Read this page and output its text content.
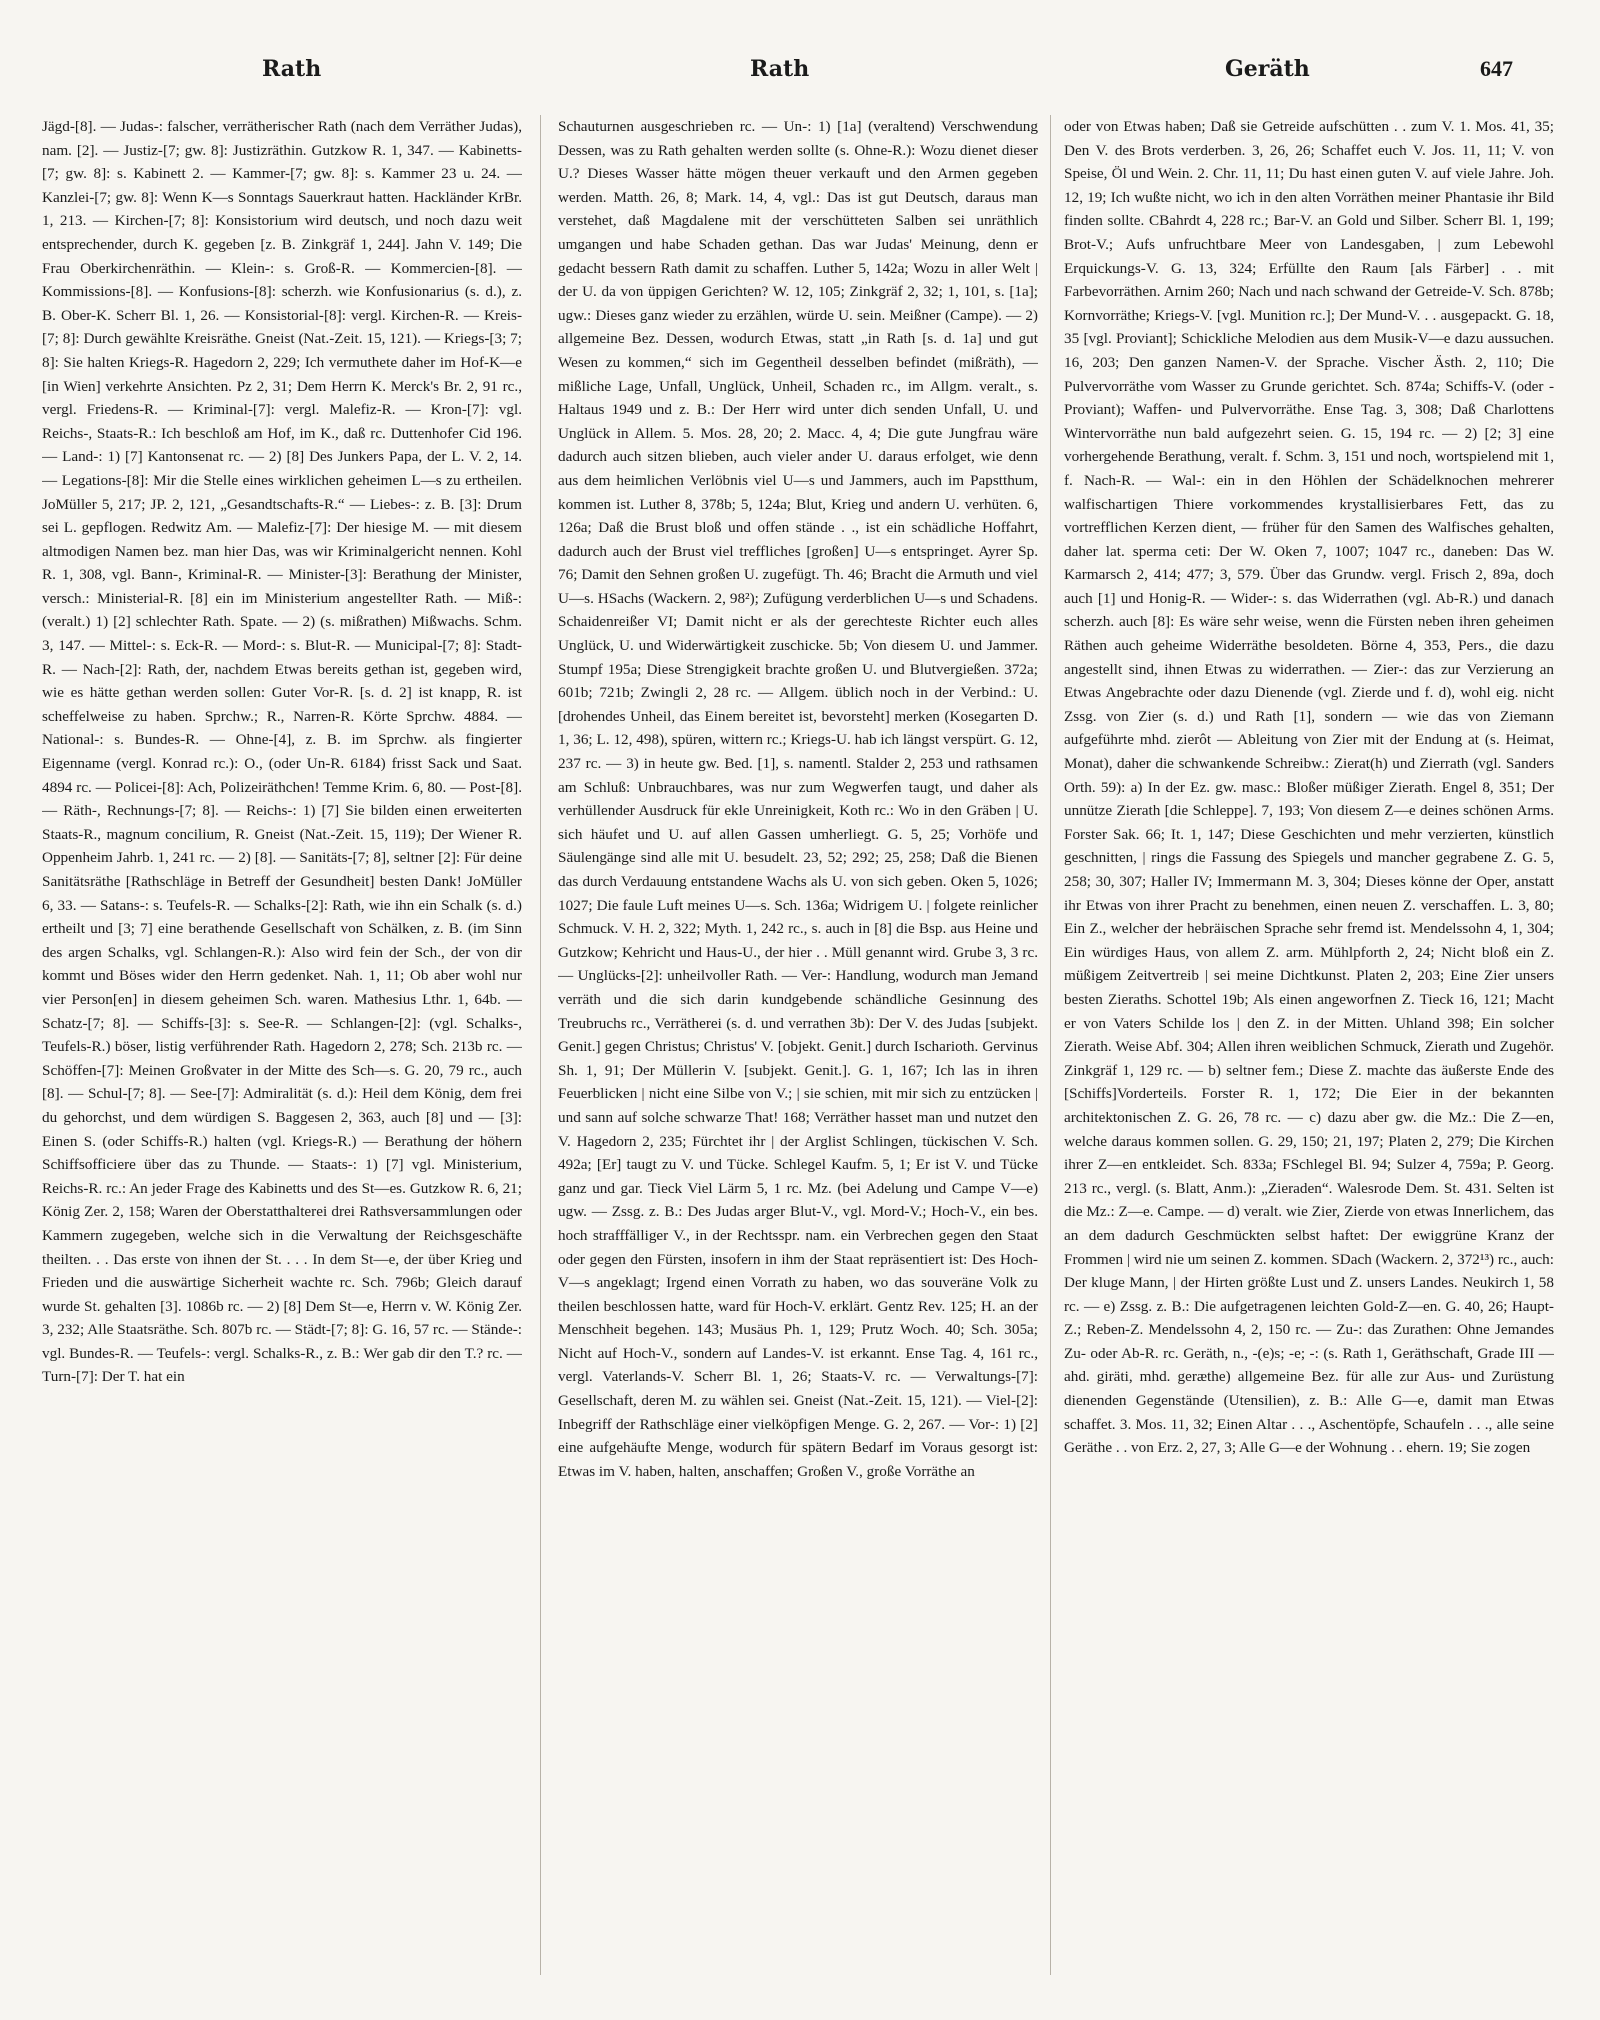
Rath	Rath	Geräth	647

Jägd-[8]. — Judas-: falscher, verrätherischer Rath (nach dem Verräther Judas), nam. [2]. — Justiz-[7; gw. 8]: Justizräthin. Gutzkow R. 1, 347. — Kabinetts-[7; gw. 8]: s. Kabinett 2. — Kammer-[7; gw. 8]: s. Kammer 23 u. 24. — Kanzlei-[7; gw. 8]: Wenn K—s Sonntags Sauerkraut hatten. Hackländer KrBr. 1, 213. — Kirchen-[7; 8]: Konsistorium wird deutsch, und noch dazu weit entsprechender, durch K. gegeben [z. B. Zinkgräf 1, 244]. Jahn V. 149; Die Frau Oberkirchenräthin. — Klein-: s. Groß-R. — Kommercien-[8]. — Kommissions-[8]. — Konfusions-[8]: scherzh. wie Konfusionarius (s. d.), z. B. Ober-K. Scherr Bl. 1, 26. — Konsistorial-[8]: vergl. Kirchen-R. — Kreis-[7; 8]: Durch gewählte Kreisräthe. Gneist (Nat.-Zeit. 15, 121). — Kriegs-[3; 7; 8]: Sie halten Kriegs-R. Hagedorn 2, 229; Ich vermuthete daher im Hof-K—e [in Wien] verkehrte Ansichten. Pz 2, 31; Dem Herrn K. Merck's Br. 2, 91 rc., vergl. Friedens-R. — Kriminal-[7]: vergl. Malefiz-R. — Kron-[7]: vgl. Reichs-, Staats-R.: Ich beschloß am Hof, im K., daß rc. Duttenhofer Cid 196. — Land-: 1) [7] Kantonsenat rc. — 2) [8] Des Junkers Papa, der L. V. 2, 14. — Legations-[8]: Mir die Stelle eines wirklichen geheimen L—s zu ertheilen. JoMüller 5, 217; JP. 2, 121, „Gesandtschafts-R.“ — Liebes-: z. B. [3]: Drum sei L. gepflogen. Redwitz Am. — Malefiz-[7]: Der hiesige M. — mit diesem altmodigen Namen bez. man hier Das, was wir Kriminalgericht nennen. Kohl R. 1, 308, vgl. Bann-, Kriminal-R. — Minister-[3]: Berathung der Minister, versch.: Ministerial-R. [8] ein im Ministerium angestellter Rath. — Miß-: (veralt.) 1) [2] schlechter Rath. Spate. — 2) (s. mißrathen) Mißwachs. Schm. 3, 147. — Mittel-: s. Eck-R. — Mord-: s. Blut-R. — Municipal-[7; 8]: Stadt-R. — Nach-[2]: Rath, der, nachdem Etwas bereits gethan ist, gegeben wird, wie es hätte gethan werden sollen: Guter Vor-R. [s. d. 2] ist knapp, R. ist scheffelweise zu haben. Sprchw.; R., Narren-R. Körte Sprchw. 4884. — National-: s. Bundes-R. — Ohne-[4], z. B. im Sprchw. als fingierter Eigenname (vergl. Konrad rc.): O., (oder Un-R. 6184) frisst Sack und Saat. 4894 rc. — Policei-[8]: Ach, Polizeiräthchen! Temme Krim. 6, 80. — Post-[8]. — Räth-, Rechnungs-[7; 8]. — Reichs-: 1) [7] Sie bilden einen erweiterten Staats-R., magnum concilium, R. Gneist (Nat.-Zeit. 15, 119); Der Wiener R. Oppenheim Jahrb. 1, 241 rc. — 2) [8]. — Sanitäts-[7; 8], seltner [2]: Für deine Sanitätsräthe [Rathschläge in Betreff der Gesundheit] besten Dank! JoMüller 6, 33. — Satans-: s. Teufels-R. — Schalks-[2]: Rath, wie ihn ein Schalk (s. d.) ertheilt und [3; 7] eine berathende Gesellschaft von Schälken, z. B. (im Sinn des argen Schalks, vgl. Schlangen-R.): Also wird fein der Sch., der von dir kommt und Böses wider den Herrn gedenket. Nah. 1, 11; Ob aber wohl nur vier Person[en] in diesem geheimen Sch. waren. Mathesius Lthr. 1, 64b. — Schatz-[7; 8]. — Schiffs-[3]: s. See-R. — Schlangen-[2]: (vgl. Schalks-, Teufels-R.) böser, listig verführender Rath. Hagedorn 2, 278; Sch. 213b rc. — Schöffen-[7]: Meinen Großvater in der Mitte des Sch—s. G. 20, 79 rc., auch [8]. — Schul-[7; 8]. — See-[7]: Admiralität (s. d.): Heil dem König, dem frei du gehorchst, und dem würdigen S. Baggesen 2, 363, auch [8] und — [3]: Einen S. (oder Schiffs-R.) halten (vgl. Kriegs-R.) — Berathung der höhern Schiffsofficiere über das zu Thunde. — Staats-: 1) [7] vgl. Ministerium, Reichs-R. rc.: An jeder Frage des Kabinetts und des St—es. Gutzkow R. 6, 21; König Zer. 2, 158; Waren der Oberstatthalterei drei Rathsversammlungen oder Kammern zugegeben, welche sich in die Verwaltung der Reichsgeschäfte theilten. . . Das erste von ihnen der St. . . . In dem St—e, der über Krieg und Frieden und die auswärtige Sicherheit wachte rc. Sch. 796b; Gleich darauf wurde St. gehalten [3]. 1086b rc. — 2) [8] Dem St—e, Herrn v. W. König Zer. 3, 232; Alle Staatsräthe. Sch. 807b rc. — Städt-[7; 8]: G. 16, 57 rc. — Stände-: vgl. Bundes-R. — Teufels-: vergl. Schalks-R., z. B.: Wer gab dir den T.? rc. — Turn-[7]: Der T. hat ein

Schauturnen ausgeschrieben rc. — Un-: 1) [1a] (veraltend) Verschwendung Dessen, was zu Rath gehalten werden sollte (s. Ohne-R.): Wozu dienet dieser U.? Dieses Wasser hätte mögen theuer verkauft und den Armen gegeben werden. Matth. 26, 8; Mark. 14, 4, vgl.: Das ist gut Deutsch, daraus man verstehet, daß Magdalene mit der verschütteten Salben sei unräthlich umgangen und habe Schaden gethan. Das war Judas' Meinung, denn er gedacht bessern Rath damit zu schaffen. Luther 5, 142a; Wozu in aller Welt | der U. da von üppigen Gerichten? W. 12, 105; Zinkgräf 2, 32; 1, 101, s. [1a]; ugw.: Dieses ganz wieder zu erzählen, würde U. sein. Meißner (Campe). — 2) allgemeine Bez. Dessen, wodurch Etwas, statt „in Rath [s. d. 1a] und gut Wesen zu kommen,“ sich im Gegentheil desselben befindet (mißräth), — mißliche Lage, Unfall, Unglück, Unheil, Schaden rc., im Allgm. veralt., s. Haltaus 1949 und z. B.: Der Herr wird unter dich senden Unfall, U. und Unglück in Allem. 5. Mos. 28, 20; 2. Macc. 4, 4; Die gute Jungfrau wäre dadurch auch sitzen blieben, auch vieler ander U. daraus erfolget, wie denn aus dem heimlichen Verlöbnis viel U—s und Jammers, auch im Papstthum, kommen ist. Luther 8, 378b; 5, 124a; Blut, Krieg und andern U. verhüten. 6, 126a; Daß die Brust bloß und offen stände . ., ist ein schädliche Hoffahrt, dadurch auch der Brust viel treffliches [großen] U—s entspringet. Ayrer Sp. 76; Damit den Sehnen großen U. zugefügt. Th. 46; Bracht die Armuth und viel U—s. HSachs (Wackern. 2, 98²); Zufügung verderblichen U—s und Schadens. Schaidenreißer VI; Damit nicht er als der gerechteste Richter euch alles Unglück, U. und Widerwärtigkeit zuschicke. 5b; Von diesem U. und Jammer. Stumpf 195a; Diese Strengigkeit brachte großen U. und Blutvergießen. 372a; 601b; 721b; Zwingli 2, 28 rc. — Allgem. üblich noch in der Verbind.: U. [drohendes Unheil, das Einem bereitet ist, bevorsteht] merken (Kosegarten D. 1, 36; L. 12, 498), spüren, wittern rc.; Kriegs-U. hab ich längst verspürt. G. 12, 237 rc. — 3) in heute gw. Bed. [1], s. namentl. Stalder 2, 253 und rathsamen am Schluß: Unbrauchbares, was nur zum Wegwerfen taugt, und daher als verhüllender Ausdruck für ekle Unreinigkeit, Koth rc.: Wo in den Gräben | U. sich häufet und U. auf allen Gassen umherliegt. G. 5, 25; Vorhöfe und Säulengänge sind alle mit U. besudelt. 23, 52; 292; 25, 258; Daß die Bienen das durch Verdauung entstandene Wachs als U. von sich geben. Oken 5, 1026; 1027; Die faule Luft meines U—s. Sch. 136a; Widrigem U. | folgete reinlicher Schmuck. V. H. 2, 322; Myth. 1, 242 rc., s. auch in [8] die Bsp. aus Heine und Gutzkow; Kehricht und Haus-U., der hier . . Müll genannt wird. Grube 3, 3 rc. — Unglücks-[2]: unheilvoller Rath. — Ver-: Handlung, wodurch man Jemand verräth und die sich darin kundgebende schändliche Gesinnung des Treubruchs rc., Verrätherei (s. d. und verrathen 3b): Der V. des Judas [subjekt. Genit.] gegen Christus; Christus' V. [objekt. Genit.] durch Ischarioth. Gervinus Sh. 1, 91; Der Müllerin V. [subjekt. Genit.]. G. 1, 167; Ich las in ihren Feuerblicken | nicht eine Silbe von V.; | sie schien, mit mir sich zu entzücken | und sann auf solche schwarze That! 168; Verräther hasset man und nutzet den V. Hagedorn 2, 235; Fürchtet ihr | der Arglist Schlingen, tückischen V. Sch. 492a; [Er] taugt zu V. und Tücke. Schlegel Kaufm. 5, 1; Er ist V. und Tücke ganz und gar. Tieck Viel Lärm 5, 1 rc. Mz. (bei Adelung und Campe V—e) ugw. — Zssg. z. B.: Des Judas arger Blut-V., vgl. Mord-V.; Hoch-V., ein bes. hoch strafffälliger V., in der Rechtsspr. nam. ein Verbrechen gegen den Staat oder gegen den Fürsten, insofern in ihm der Staat repräsentiert ist: Des Hoch-V—s angeklagt; Irgend einen Vorrath zu haben, wo das souveräne Volk zu theilen beschlossen hatte, ward für Hoch-V. erklärt. Gentz Rev. 125; H. an der Menschheit begehen. 143; Musäus Ph. 1, 129; Prutz Woch. 40; Sch. 305a; Nicht auf Hoch-V., sondern auf Landes-V. ist erkannt. Ense Tag. 4, 161 rc., vergl. Vaterlands-V. Scherr Bl. 1, 26; Staats-V. rc. — Verwaltungs-[7]: Gesellschaft, deren M. zu wählen sei. Gneist (Nat.-Zeit. 15, 121). — Viel-[2]: Inbegriff der Rathschläge einer vielköpfigen Menge. G. 2, 267. — Vor-: 1) [2] eine aufgehäufte Menge, wodurch für spätern Bedarf im Voraus gesorgt ist: Etwas im V. haben, halten, anschaffen; Großen V., große Vorräthe an

oder von Etwas haben; Daß sie Getreide aufschütten . . zum V. 1. Mos. 41, 35; Den V. des Brots verderben. 3, 26, 26; Schaffet euch V. Jos. 11, 11; V. von Speise, Öl und Wein. 2. Chr. 11, 11; Du hast einen guten V. auf viele Jahre. Joh. 12, 19; Ich wußte nicht, wo ich in den alten Vorräthen meiner Phantasie ihr Bild finden sollte. CBahrdt 4, 228 rc.; Bar-V. an Gold und Silber. Scherr Bl. 1, 199; Brot-V.; Aufs unfruchtbare Meer von Landesgaben, | zum Lebewohl Erquickungs-V. G. 13, 324; Erfüllte den Raum [als Färber] . . mit Farbevorräthen. Arnim 260; Nach und nach schwand der Getreide-V. Sch. 878b; Kornvorräthe; Kriegs-V. [vgl. Munition rc.]; Der Mund-V. . . ausgepackt. G. 18, 35 [vgl. Proviant]; Schickliche Melodien aus dem Musik-V—e dazu aussuchen. 16, 203; Den ganzen Namen-V. der Sprache. Vischer Ästh. 2, 110; Die Pulvervorräthe vom Wasser zu Grunde gerichtet. Sch. 874a; Schiffs-V. (oder -Proviant); Waffen- und Pulvervorräthe. Ense Tag. 3, 308; Daß Charlottens Wintervorräthe nun bald aufgezehrt seien. G. 15, 194 rc. — 2) [2; 3] eine vorhergehende Berathung, veralt. f. Schm. 3, 151 und noch, wortspielend mit 1, f. Nach-R. — Wal-: ein in den Höhlen der Schädelknochen mehrerer walfischartigen Thiere vorkommendes krystallisierbares Fett, das zu vortrefflichen Kerzen dient, — früher für den Samen des Walfisches gehalten, daher lat. sperma ceti: Der W. Oken 7, 1007; 1047 rc., daneben: Das W. Karmarsch 2, 414; 477; 3, 579. Über das Grundw. vergl. Frisch 2, 89a, doch auch [1] und Honig-R. — Wider-: s. das Widerrathen (vgl. Ab-R.) und danach scherzh. auch [8]: Es wäre sehr weise, wenn die Fürsten neben ihren geheimen Räthen auch geheime Widerräthe besoldeten. Börne 4, 353, Pers., die dazu angestellt sind, ihnen Etwas zu widerrathen. — Zier-: das zur Verzierung an Etwas Angebrachte oder dazu Dienende (vgl. Zierde und f. d), wohl eig. nicht Zssg. von Zier (s. d.) und Rath [1], sondern — wie das von Ziemann aufgeführte mhd. zierôt — Ableitung von Zier mit der Endung at (s. Heimat, Monat), daher die schwankende Schreibw.: Zierat(h) und Zierrath (vgl. Sanders Orth. 59): a) In der Ez. gw. masc.: Bloßer müßiger Zierath. Engel 8, 351; Der unnütze Zierath [die Schleppe]. 7, 193; Von diesem Z—e deines schönen Arms. Forster Sak. 66; It. 1, 147; Diese Geschichten und mehr verzierten, künstlich geschnitten, | rings die Fassung des Spiegels und mancher gegrabene Z. G. 5, 258; 30, 307; Haller IV; Immermann M. 3, 304; Dieses könne der Oper, anstatt ihr Etwas von ihrer Pracht zu benehmen, einen neuen Z. verschaffen. L. 3, 80; Ein Z., welcher der hebräischen Sprache sehr fremd ist. Mendelssohn 4, 1, 304; Ein würdiges Haus, von allem Z. arm. Mühlpforth 2, 24; Nicht bloß ein Z. müßigem Zeitvertreib | sei meine Dichtkunst. Platen 2, 203; Eine Zier unsers besten Zieraths. Schottel 19b; Als einen angeworfnen Z. Tieck 16, 121; Macht er von Vaters Schilde los | den Z. in der Mitten. Uhland 398; Ein solcher Zierath. Weise Abf. 304; Allen ihren weiblichen Schmuck, Zierath und Zugehör. Zinkgräf 1, 129 rc. — b) seltner fem.; Diese Z. machte das äußerste Ende des [Schiffs]Vorderteils. Forster R. 1, 172; Die Eier in der bekannten architektonischen Z. G. 26, 78 rc. — c) dazu aber gw. die Mz.: Die Z—en, welche daraus kommen sollen. G. 29, 150; 21, 197; Platen 2, 279; Die Kirchen ihrer Z—en entkleidet. Sch. 833a; FSchlegel Bl. 94; Sulzer 4, 759a; P. Georg. 213 rc., vergl. (s. Blatt, Anm.): „Zieraden“. Walesrode Dem. St. 431. Selten ist die Mz.: Z—e. Campe. — d) veralt. wie Zier, Zierde von etwas Innerlichem, das an dem dadurch Geschmückten selbst haftet: Der ewiggrüne Kranz der Frommen | wird nie um seinen Z. kommen. SDach (Wackern. 2, 372¹³) rc., auch: Der kluge Mann, | der Hirten größte Lust und Z. unsers Landes. Neukirch 1, 58 rc. — e) Zssg. z. B.: Die aufgetragenen leichten Gold-Z—en. G. 40, 26; Haupt-Z.; Reben-Z. Mendelssohn 4, 2, 150 rc. — Zu-: das Zurathen: Ohne Jemandes Zu- oder Ab-R. rc. Geräth, n., -(e)s; -e; -: (s. Rath 1, Geräthschaft, Grade III — ahd. giräti, mhd. geræthe) allgemeine Bez. für alle zur Aus- und Zurüstung dienenden Gegenstände (Utensilien), z. B.: Alle G—e, damit man Etwas schaffet. 3. Mos. 11, 32; Einen Altar . . ., Aschentöpfe, Schaufeln . . ., alle seine Geräthe . . von Erz. 2, 27, 3; Alle G—e der Wohnung . . ehern. 19; Sie zogen
